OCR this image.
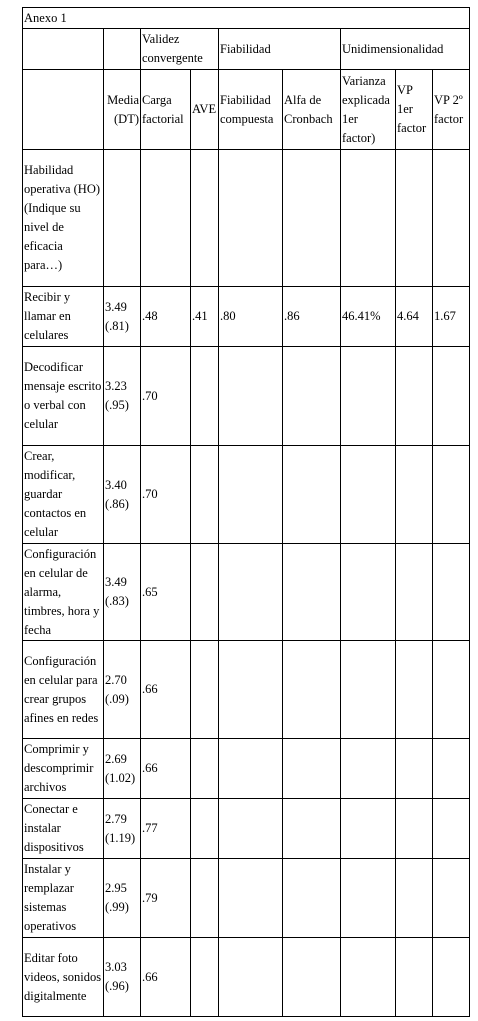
Anexo 1								
		Validez convergente		Fiabilidad		Unidimensionalidad		
	Media (DT)	Carga factorial	AVE	Fiabilidad compuesta	Alfa de Cronbach	Varianza explicada 1er factor)	VP 1er factor	VP 2º factor
Habilidad operativa (HO) (Indique su nivel de eficacia para…)								
Recibir y llamar en celulares	3.49 (.81)	.48	.41	.80	.86	46.41%	4.64	1.67
Decodificar mensaje escrito o verbal con celular	3.23 (.95)	.70						
Crear, modificar, guardar contactos en celular	3.40 (.86)	.70						
Configuración en celular de alarma, timbres, hora y fecha	3.49 (.83)	.65						
Configuración en celular para crear grupos afines en redes	2.70 (.09)	.66						
Comprimir y descomprimir archivos	2.69 (1.02)	.66						
Conectar e instalar dispositivos	2.79 (1.19)	.77						
Instalar y remplazar sistemas operativos	2.95 (.99)	.79						
Editar foto videos, sonidos digitalmente	3.03 (.96)	.66						
